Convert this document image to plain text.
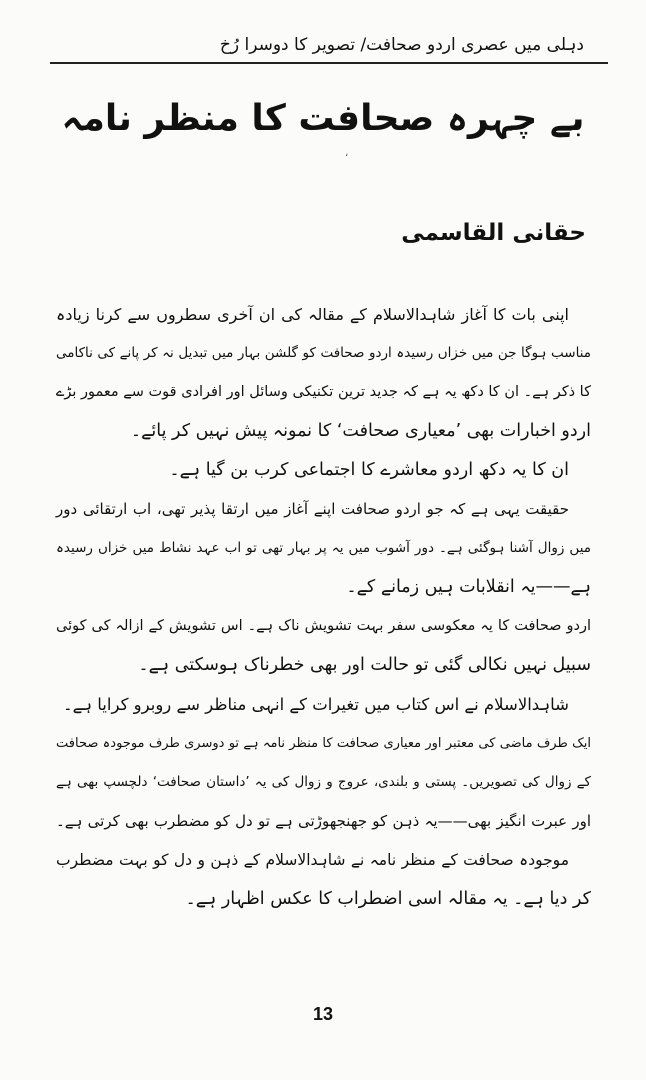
دہلی میں عصری اردو صحافت/ تصویر کا دوسرا رُخ
بے چہرہ صحافت کا منظر نامہ
،
حقانی القاسمی
اپنی بات کا آغاز شاہدالاسلام کے مقالہ کی ان آخری سطروں سے کرنا زیادہ
مناسب ہوگا جن میں خزاں رسیدہ اردو صحافت کو گلشن بہار میں تبدیل نہ کر پانے کی ناکامی
کا ذکر ہے۔ ان کا دکھ یہ ہے کہ جدید ترین تکنیکی وسائل اور افرادی قوت سے معمور بڑے
اردو اخبارات بھی ’معیاری صحافت‘ کا نمونہ پیش نہیں کر پائے۔
ان کا یہ دکھ اردو معاشرے کا اجتماعی کرب بن گیا ہے۔
حقیقت یہی ہے کہ جو اردو صحافت اپنے آغاز میں ارتقا پذیر تھی، اب ارتقائی دور
میں زوال آشنا ہوگئی ہے۔ دور آشوب میں یہ پر بہار تھی تو اب عہد نشاط میں خزاں رسیدہ
ہے——یہ انقلابات ہیں زمانے کے۔
اردو صحافت کا یہ معکوسی سفر بہت تشویش ناک ہے۔ اس تشویش کے ازالہ کی کوئی
سبیل نہیں نکالی گئی تو حالت اور بھی خطرناک ہوسکتی ہے۔
شاہدالاسلام نے اس کتاب میں تغیرات کے انہی مناظر سے روبرو کرایا ہے۔
ایک طرف ماضی کی معتبر اور معیاری صحافت کا منظر نامہ ہے تو دوسری طرف موجودہ صحافت
کے زوال کی تصویریں۔ پستی و بلندی، عروج و زوال کی یہ ’داستان صحافت‘ دلچسپ بھی ہے
اور عبرت انگیز بھی——یہ ذہن کو جھنجھوڑتی ہے تو دل کو مضطرب بھی کرتی ہے۔
موجودہ صحافت کے منظر نامہ نے شاہدالاسلام کے ذہن و دل کو بہت مضطرب
کر دیا ہے۔ یہ مقالہ اسی اضطراب کا عکس اظہار ہے۔
13
